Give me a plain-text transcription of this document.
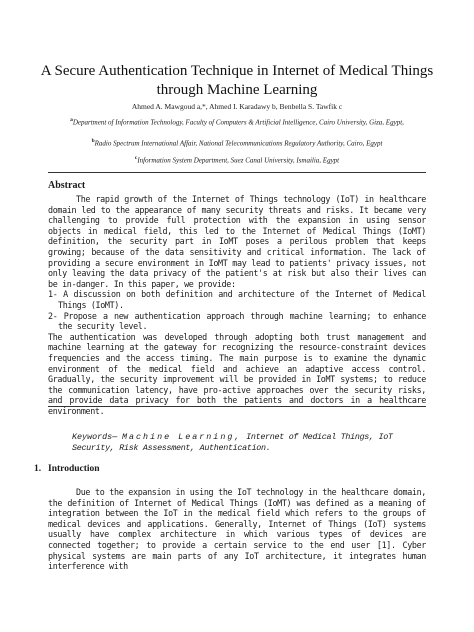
A Secure Authentication Technique in Internet of Medical Things through Machine Learning
Ahmed A. Mawgoud a,*, Ahmed I. Karadawy b, Benbella S. Tawfik c
$^a$Department of Information Technology, Faculty of Computers & Artificial Intelligence, Cairo University, Giza, Egypt,
$^b$Radio Spectrum International Affair, National Telecommunications Regulatory Authority, Cairo, Egypt
$^c$Information System Department, Suez Canal University, Ismailia, Egypt
Abstract

The rapid growth of the Internet of Things technology (IoT) in healthcare domain led to the appearance of many security threats and risks. It became very challenging to provide full protection with the expansion in using sensor objects in medical field, this led to the Internet of Medical Things (IoMT) definition, the security part in IoMT poses a perilous problem that keeps growing; because of the data sensitivity and critical information. The lack of providing a secure environment in IoMT may lead to patients' privacy issues, not only leaving the data privacy of the patient's at risk but also their lives can be in-danger. In this paper, we provide:

1- A discussion on both definition and architecture of the Internet of Medical Things (IoMT).

2- Propose a new authentication approach through machine learning; to enhance the security level.

The authentication was developed through adopting both trust management and machine learning at the gateway for recognizing the resource-constraint devices frequencies and the access timing. The main purpose is to examine the dynamic environment of the medical field and achieve an adaptive access control. Gradually, the security improvement will be provided in IoMT systems; to reduce the communication latency, have pro-active approaches over the security risks, and provide data privacy for both the patients and doctors in a healthcare environment.

Keywords— Machine Learning, Internet of Medical Things, IoT Security, Risk Assessment, Authentication.
1. Introduction

Due to the expansion in using the IoT technology in the healthcare domain, the definition of Internet of Medical Things (IoMT) was defined as a meaning of integration between the IoT in the medical field which refers to the groups of medical devices and applications. Generally, Internet of Things (IoT) systems usually have complex architecture in which various types of devices are connected together; to provide a certain service to the end user [1]. Cyber physical systems are main parts of any IoT architecture, it integrates human interference with
